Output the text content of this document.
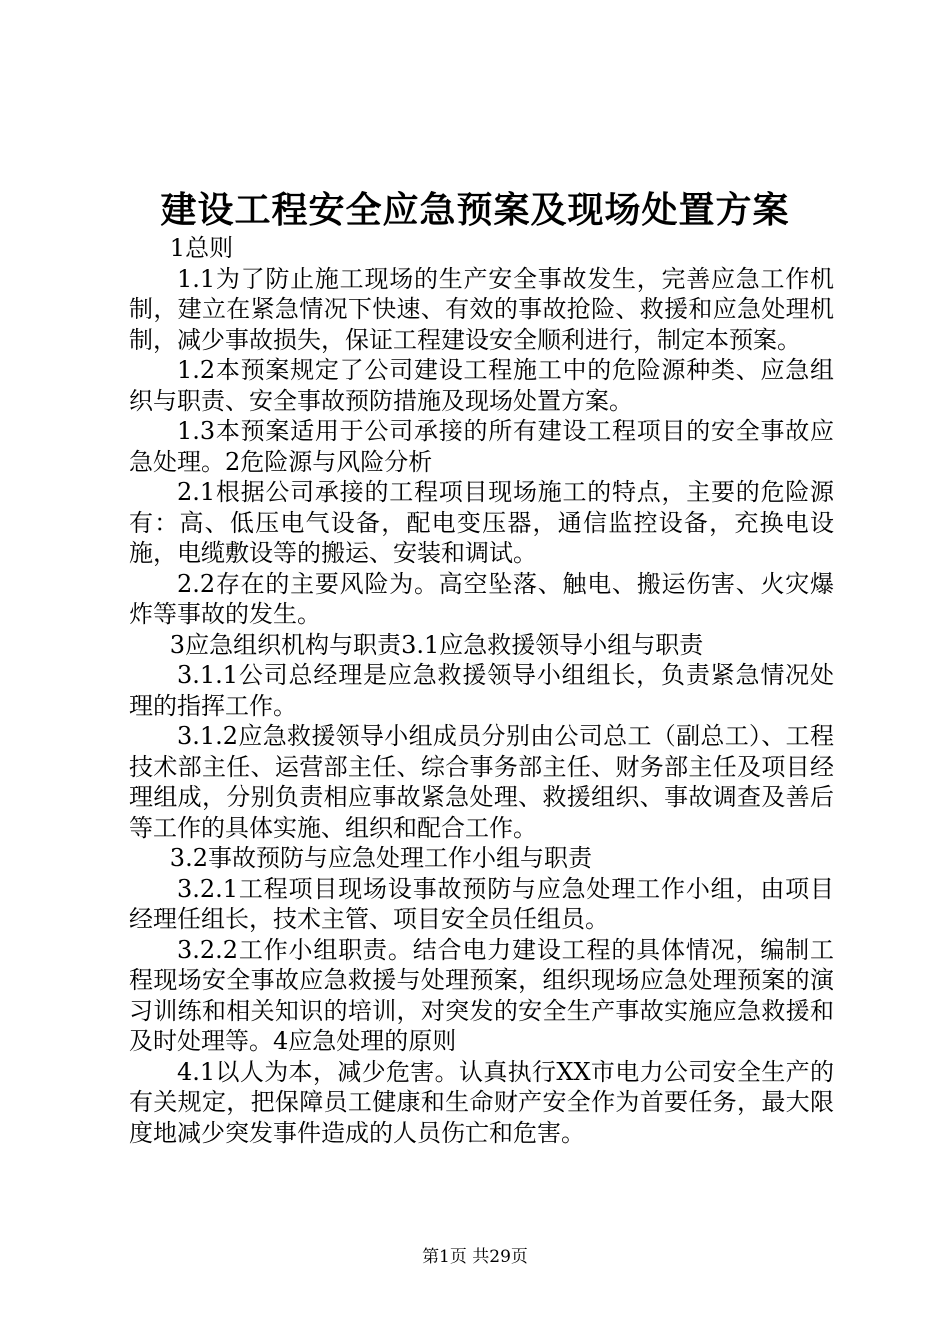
建设工程安全应急预案及现场处置方案

1总则

1.1为了防止施工现场的生产安全事故发生，完善应急工作机制，建立在紧急情况下快速、有效的事故抢险、救援和应急处理机制，减少事故损失，保证工程建设安全顺利进行，制定本预案。

1.2本预案规定了公司建设工程施工中的危险源种类、应急组织与职责、安全事故预防措施及现场处置方案。

1.3本预案适用于公司承接的所有建设工程项目的安全事故应急处理。2危险源与风险分析

2.1根据公司承接的工程项目现场施工的特点，主要的危险源有：高、低压电气设备，配电变压器，通信监控设备，充换电设施，电缆敷设等的搬运、安装和调试。

2.2存在的主要风险为。高空坠落、触电、搬运伤害、火灾爆炸等事故的发生。

3应急组织机构与职责3.1应急救援领导小组与职责

3.1.1公司总经理是应急救援领导小组组长，负责紧急情况处理的指挥工作。

3.1.2应急救援领导小组成员分别由公司总工（副总工）、工程技术部主任、运营部主任、综合事务部主任、财务部主任及项目经理组成，分别负责相应事故紧急处理、救援组织、事故调查及善后等工作的具体实施、组织和配合工作。

3.2事故预防与应急处理工作小组与职责

3.2.1工程项目现场设事故预防与应急处理工作小组，由项目经理任组长，技术主管、项目安全员任组员。

3.2.2工作小组职责。结合电力建设工程的具体情况，编制工程现场安全事故应急救援与处理预案，组织现场应急处理预案的演习训练和相关知识的培训，对突发的安全生产事故实施应急救援和及时处理等。4应急处理的原则

4.1以人为本，减少危害。认真执行XX市电力公司安全生产的有关规定，把保障员工健康和生命财产安全作为首要任务，最大限度地减少突发事件造成的人员伤亡和危害。

第1页 共29页
